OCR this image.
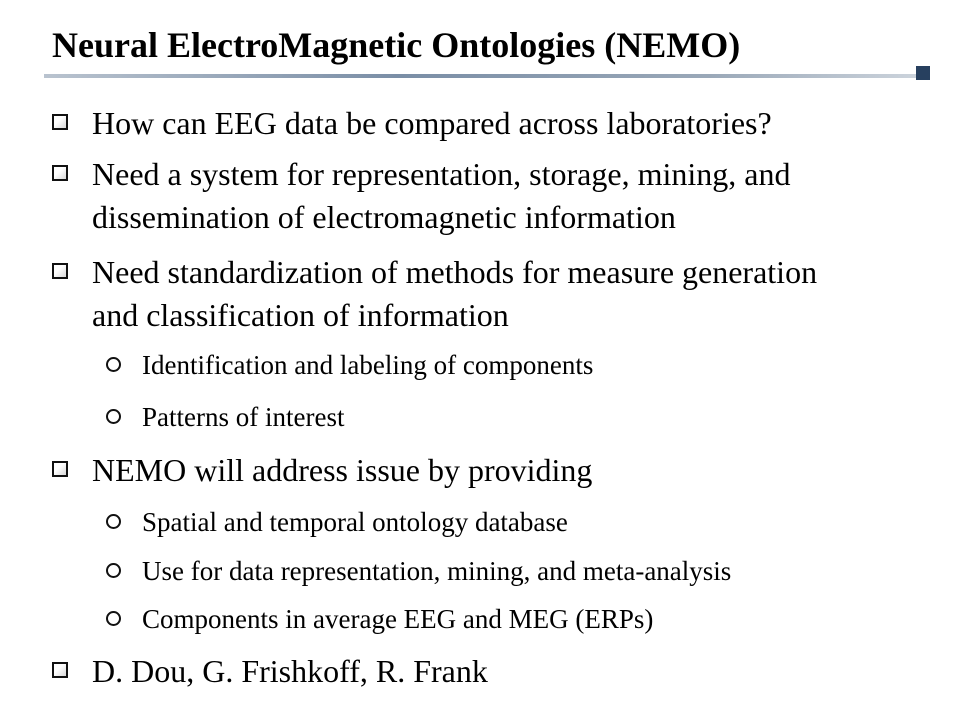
Neural ElectroMagnetic Ontologies (NEMO)
How can EEG data be compared across laboratories?
Need a system for representation, storage, mining, and
dissemination of electromagnetic information
Need standardization of methods for measure generation
and classification of information
Identification and labeling of components
Patterns of interest
NEMO will address issue by providing
Spatial and temporal ontology database
Use for data representation, mining, and meta-analysis
Components in average EEG and MEG (ERPs)
D. Dou, G. Frishkoff, R. Frank
